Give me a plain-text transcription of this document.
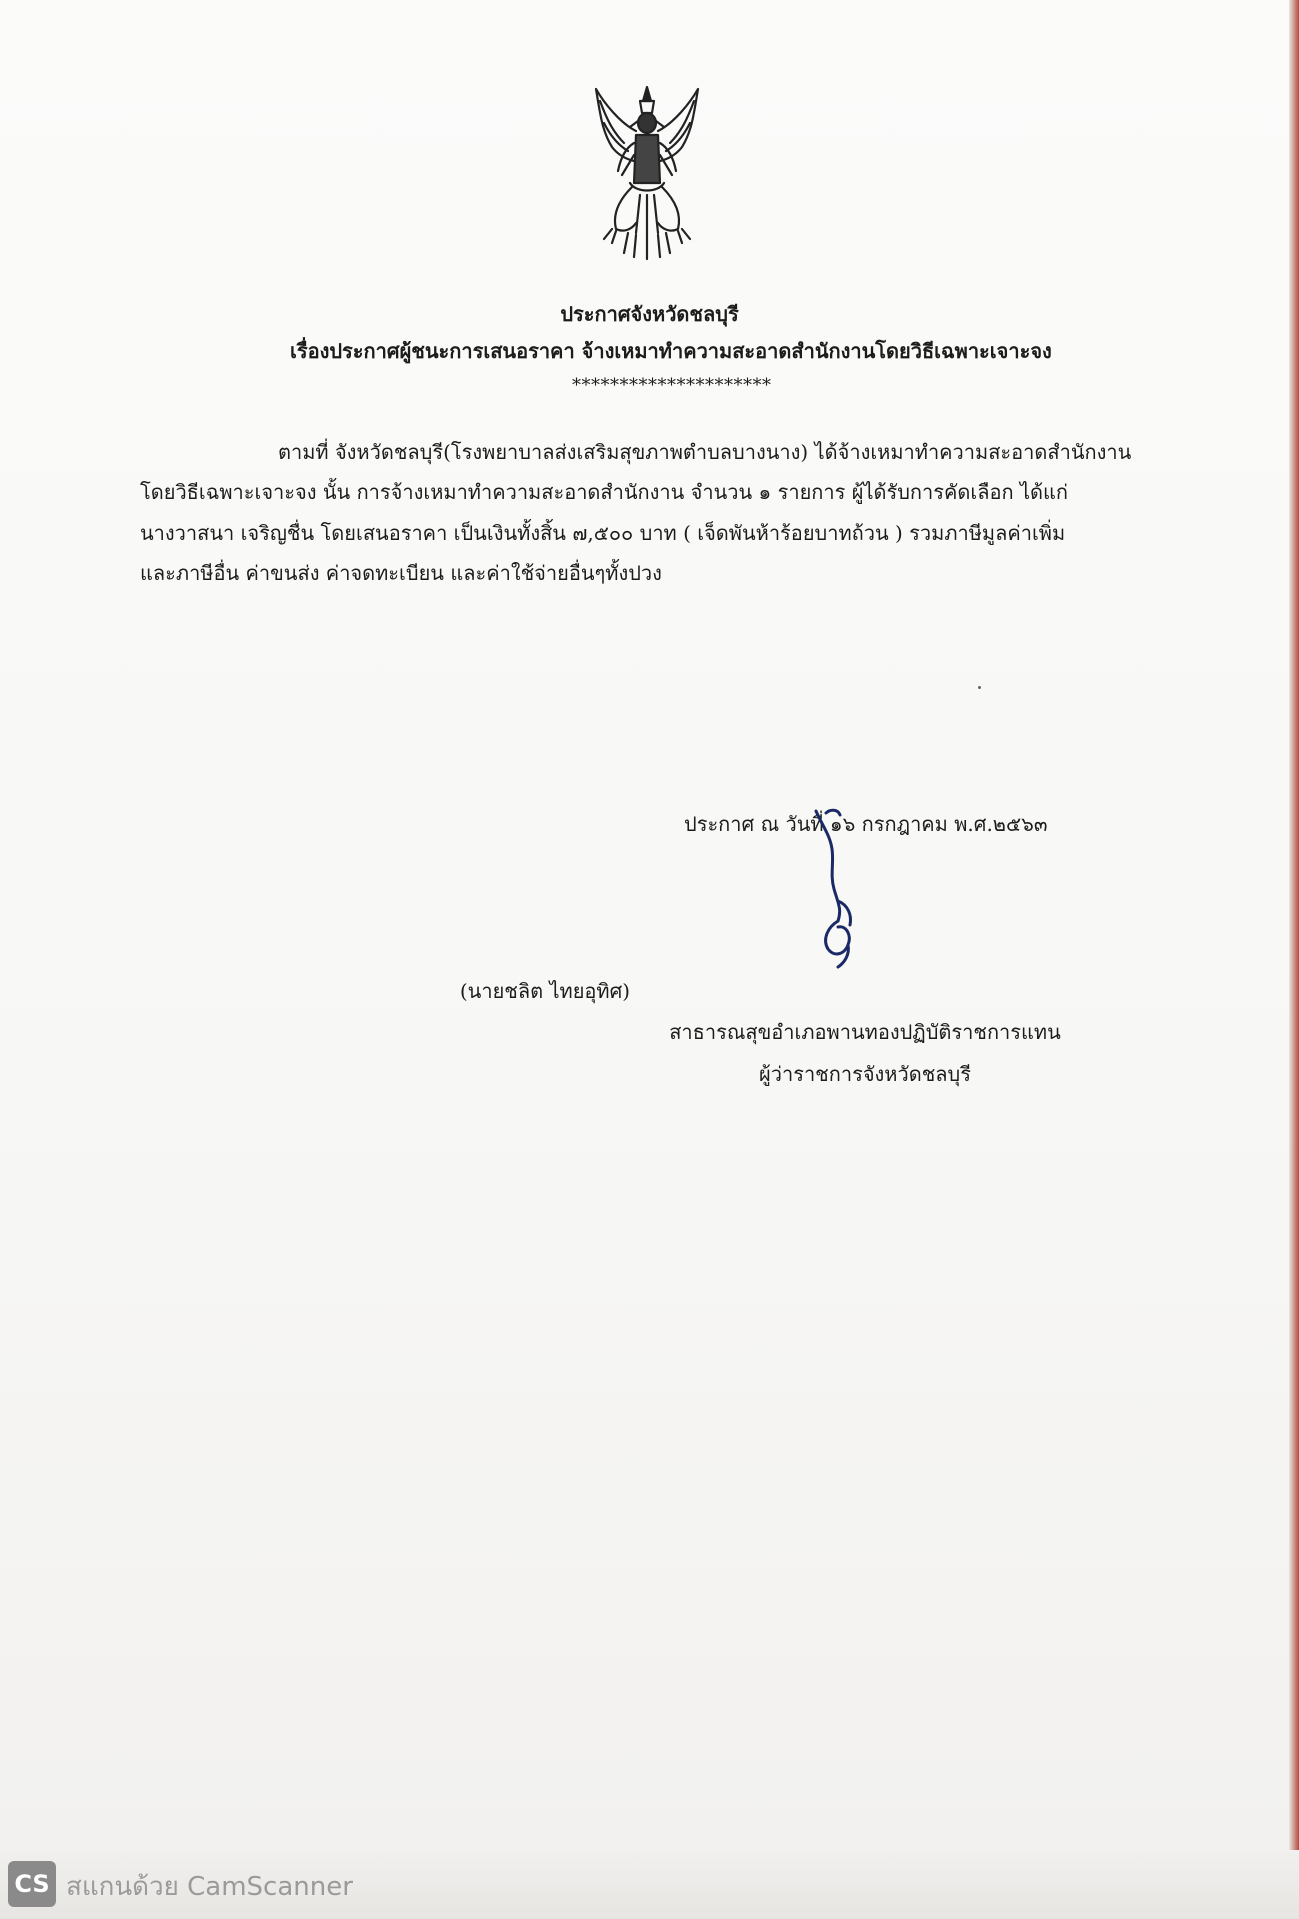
ประกาศจังหวัดชลบุรี
เรื่องประกาศผู้ชนะการเสนอราคา จ้างเหมาทำความสะอาดสำนักงานโดยวิธีเฉพาะเจาะจง
*********************
ตามที่ จังหวัดชลบุรี(โรงพยาบาลส่งเสริมสุขภาพตำบลบางนาง) ได้จ้างเหมาทำความสะอาดสำนักงาน
โดยวิธีเฉพาะเจาะจง นั้น การจ้างเหมาทำความสะอาดสำนักงาน จำนวน ๑ รายการ ผู้ได้รับการคัดเลือก ได้แก่
นางวาสนา เจริญชื่น โดยเสนอราคา เป็นเงินทั้งสิ้น ๗,๕๐๐ บาท ( เจ็ดพันห้าร้อยบาทถ้วน ) รวมภาษีมูลค่าเพิ่ม
และภาษีอื่น ค่าขนส่ง ค่าจดทะเบียน และค่าใช้จ่ายอื่นๆทั้งปวง
ประกาศ ณ วันที่ ๑๖ กรกฎาคม พ.ศ.๒๕๖๓
(นายชลิต ไทยอุทิศ)
สาธารณสุขอำเภอพานทองปฏิบัติราชการแทน
ผู้ว่าราชการจังหวัดชลบุรี
CS สแกนด้วย CamScanner
